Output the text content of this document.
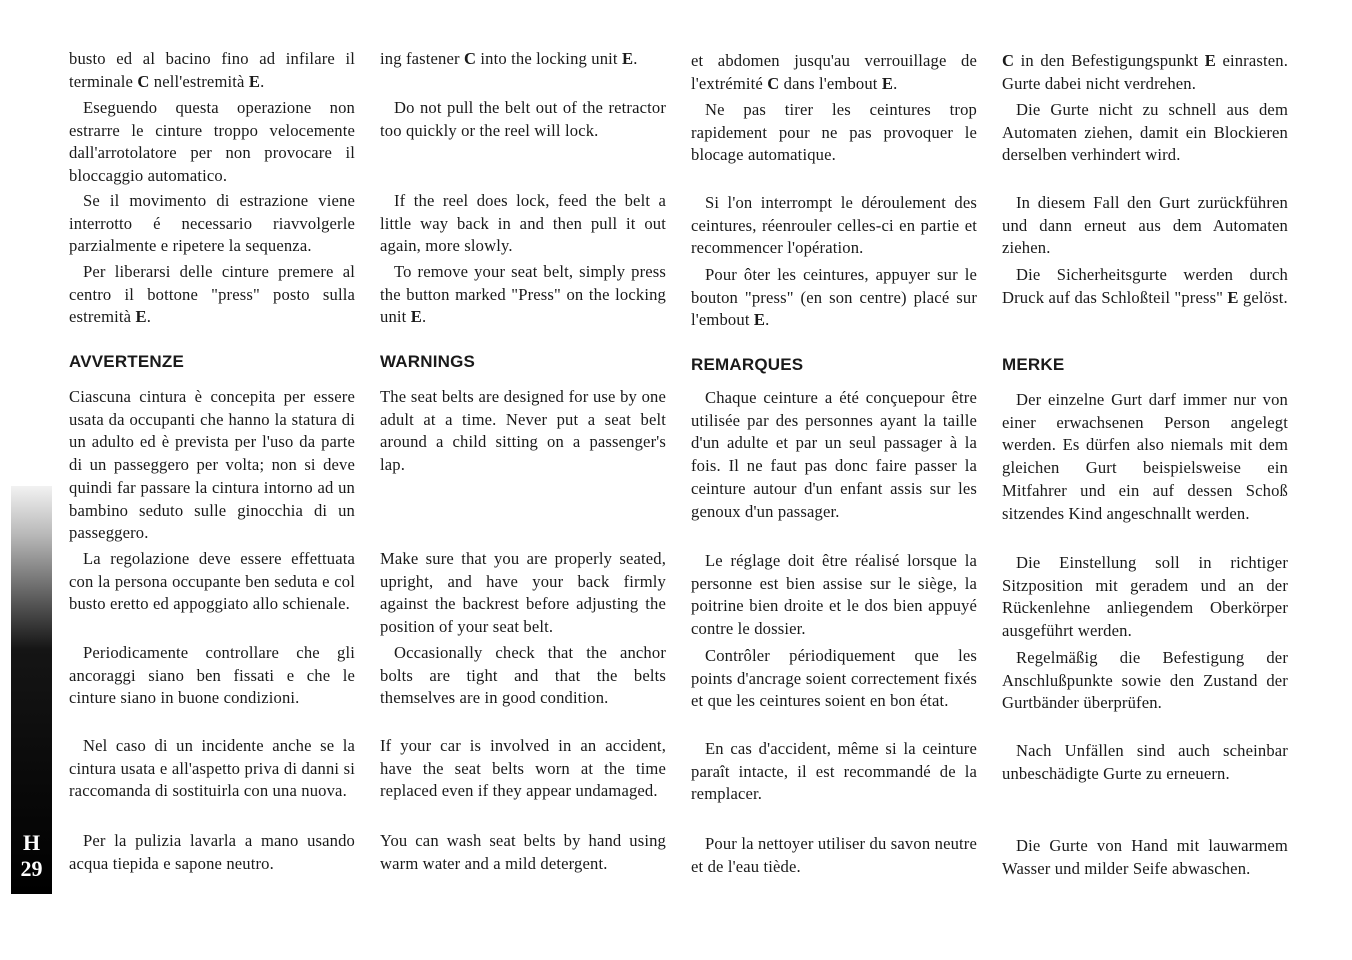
H
29

busto ed al bacino fino ad infilare il terminale C nell'estremità E.

Eseguendo questa operazione non estrarre le cinture troppo velocemente dall'arrotolatore per non provocare il bloccaggio automatico.

Se il movimento di estrazione viene interrotto é necessario riavvolgerle parzialmente e ripetere la sequenza.

Per liberarsi delle cinture premere al centro il bottone "press" posto sulla estremità E.

AVVERTENZE

Ciascuna cintura è concepita per essere usata da occupanti che hanno la statura di un adulto ed è prevista per l'uso da parte di un passeggero per volta; non si deve quindi far passare la cintura intorno ad un bambino seduto sulle ginocchia di un passeggero.

La regolazione deve essere effettuata con la persona occupante ben seduta e col busto eretto ed appoggiato allo schienale.

Periodicamente controllare che gli ancoraggi siano ben fissati e che le cinture siano in buone condizioni.

Nel caso di un incidente anche se la cintura usata e all'aspetto priva di danni si raccomanda di sostituirla con una nuova.

Per la pulizia lavarla a mano usando acqua tiepida e sapone neutro.

ing fastener C into the locking unit E.

Do not pull the belt out of the retractor too quickly or the reel will lock.

If the reel does lock, feed the belt a little way back in and then pull it out again, more slowly.

To remove your seat belt, simply press the button marked "Press" on the locking unit E.

WARNINGS

The seat belts are designed for use by one adult at a time. Never put a seat belt around a child sitting on a passenger's lap.

Make sure that you are properly seated, upright, and have your back firmly against the backrest before adjusting the position of your seat belt.

Occasionally check that the anchor bolts are tight and that the belts themselves are in good condition.

If your car is involved in an accident, have the seat belts worn at the time replaced even if they appear undamaged.

You can wash seat belts by hand using warm water and a mild detergent.

et abdomen jusqu'au verrouillage de l'extrémité C dans l'embout E.

Ne pas tirer les ceintures trop rapidement pour ne pas provoquer le blocage automatique.

Si l'on interrompt le déroulement des ceintures, réenrouler celles-ci en partie et recommencer l'opération.

Pour ôter les ceintures, appuyer sur le bouton "press" (en son centre) placé sur l'embout E.

REMARQUES

Chaque ceinture a été conçuepour être utilisée par des personnes ayant la taille d'un adulte et par un seul passager à la fois. Il ne faut pas donc faire passer la ceinture autour d'un enfant assis sur les genoux d'un passager.

Le réglage doit être réalisé lorsque la personne est bien assise sur le siège, la poitrine bien droite et le dos bien appuyé contre le dossier.

Contrôler périodiquement que les points d'ancrage soient correctement fixés et que les ceintures soient en bon état.

En cas d'accident, même si la ceinture paraît intacte, il est recommandé de la remplacer.

Pour la nettoyer utiliser du savon neutre et de l'eau tiède.

C in den Befestigungspunkt E einrasten. Gurte dabei nicht verdrehen.

Die Gurte nicht zu schnell aus dem Automaten ziehen, damit ein Blockieren derselben verhindert wird.

In diesem Fall den Gurt zurückführen und dann erneut aus dem Automaten ziehen.

Die Sicherheitsgurte werden durch Druck auf das Schloßteil "press" E gelöst.

MERKE

Der einzelne Gurt darf immer nur von einer erwachsenen Person angelegt werden. Es dürfen also niemals mit dem gleichen Gurt beispielsweise ein Mitfahrer und ein auf dessen Schoß sitzendes Kind angeschnallt werden.

Die Einstellung soll in richtiger Sitzposition mit geradem und an der Rückenlehne anliegendem Oberkörper ausgeführt werden.

Regelmäßig die Befestigung der Anschlußpunkte sowie den Zustand der Gurtbänder überprüfen.

Nach Unfällen sind auch scheinbar unbeschädigte Gurte zu erneuern.

Die Gurte von Hand mit lauwarmem Wasser und milder Seife abwaschen.
